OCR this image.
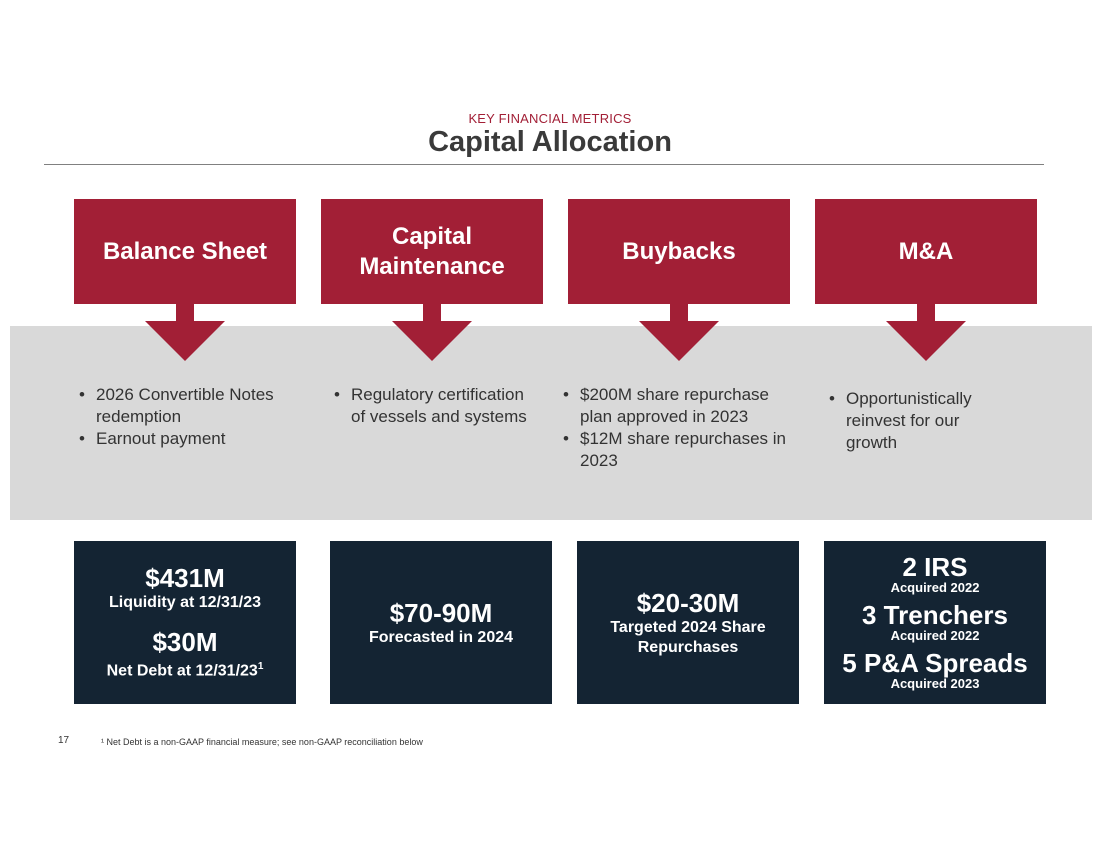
KEY FINANCIAL METRICS
Capital Allocation
Balance Sheet
Capital
Maintenance
Buybacks	M&A
• 2026 Convertible Notes redemption
• Earnout payment
• Regulatory certification of vessels and systems
• $200M share repurchase plan approved in 2023
• $12M share repurchases in 2023
• Opportunistically reinvest for our growth
$431M
Liquidity at 12/31/23
$30M
Net Debt at $12/31/23^1$
$70-90M
Forecasted in 2024
$20-30M
Targeted 2024 Share
Repurchases
2 IRS
Acquired 2022
3 Trenchers
Acquired 2022
5 P&A Spreads
Acquired 2023
17	¹ Net Debt is a non-GAAP financial measure; see non-GAAP reconciliation below
